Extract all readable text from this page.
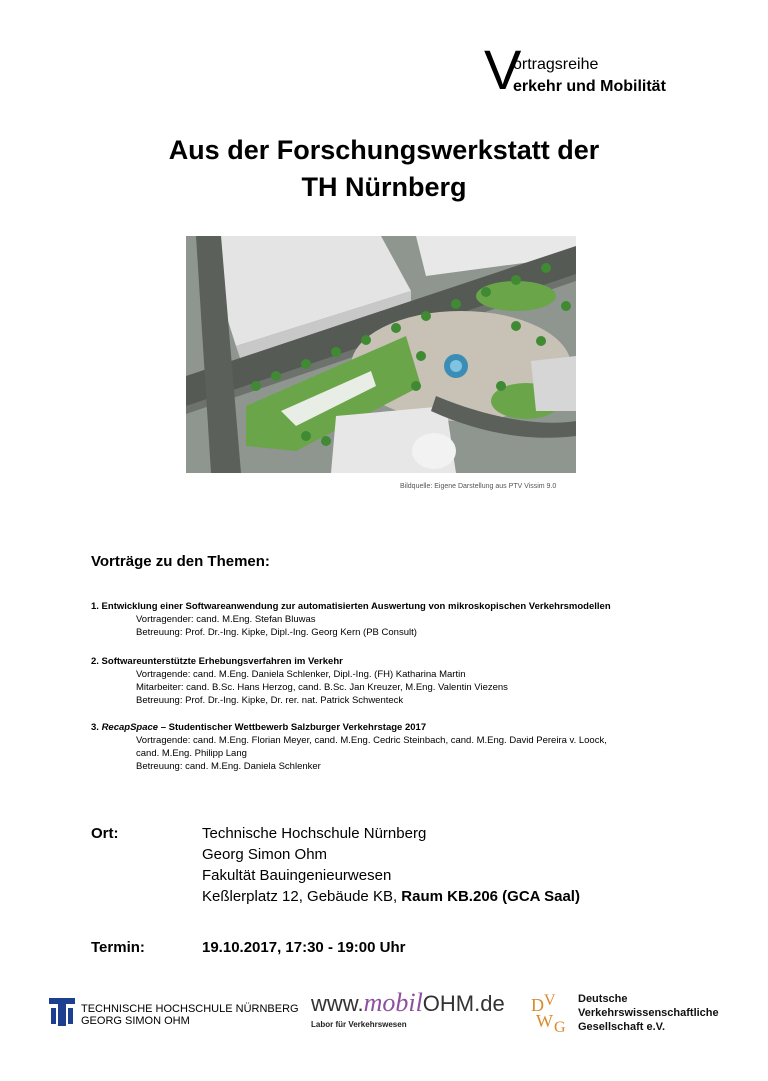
V
ortragsreihe
erkehr und Mobilität
Aus der Forschungswerkstatt der
TH Nürnberg
Bildquelle: Eigene Darstellung aus PTV Vissim 9.0
Vorträge zu den Themen:
1. Entwicklung einer Softwareanwendung zur automatisierten Auswertung von mikroskopischen Verkehrsmodellen
Vortragender: cand. M.Eng. Stefan Bluwas
Betreuung: Prof. Dr.-Ing. Kipke, Dipl.-Ing. Georg Kern (PB Consult)
2. Softwareunterstützte Erhebungsverfahren im Verkehr
Vortragende: cand. M.Eng. Daniela Schlenker, Dipl.-Ing. (FH) Katharina Martin
Mitarbeiter: cand. B.Sc. Hans Herzog, cand. B.Sc. Jan Kreuzer, M.Eng. Valentin Viezens
Betreuung: Prof. Dr.-Ing. Kipke, Dr. rer. nat. Patrick Schwenteck
3. RecapSpace – Studentischer Wettbewerb Salzburger Verkehrstage 2017
Vortragende: cand. M.Eng. Florian Meyer, cand. M.Eng. Cedric Steinbach, cand. M.Eng. David Pereira v. Loock,
cand. M.Eng. Philipp Lang
Betreuung: cand. M.Eng. Daniela Schlenker
Ort:	Technische Hochschule Nürnberg
Georg Simon Ohm
Fakultät Bauingenieurwesen
Keßlerplatz 12, Gebäude KB, Raum KB.206 (GCA Saal)
Termin:	19.10.2017, 17:30 - 19:00 Uhr
TECHNISCHE HOCHSCHULE NÜRNBERG
GEORG SIMON OHM
www.mobilOHM.de
Labor für Verkehrswesen
D V
W G
Deutsche
Verkehrswissenschaftliche
Gesellschaft e.V.
